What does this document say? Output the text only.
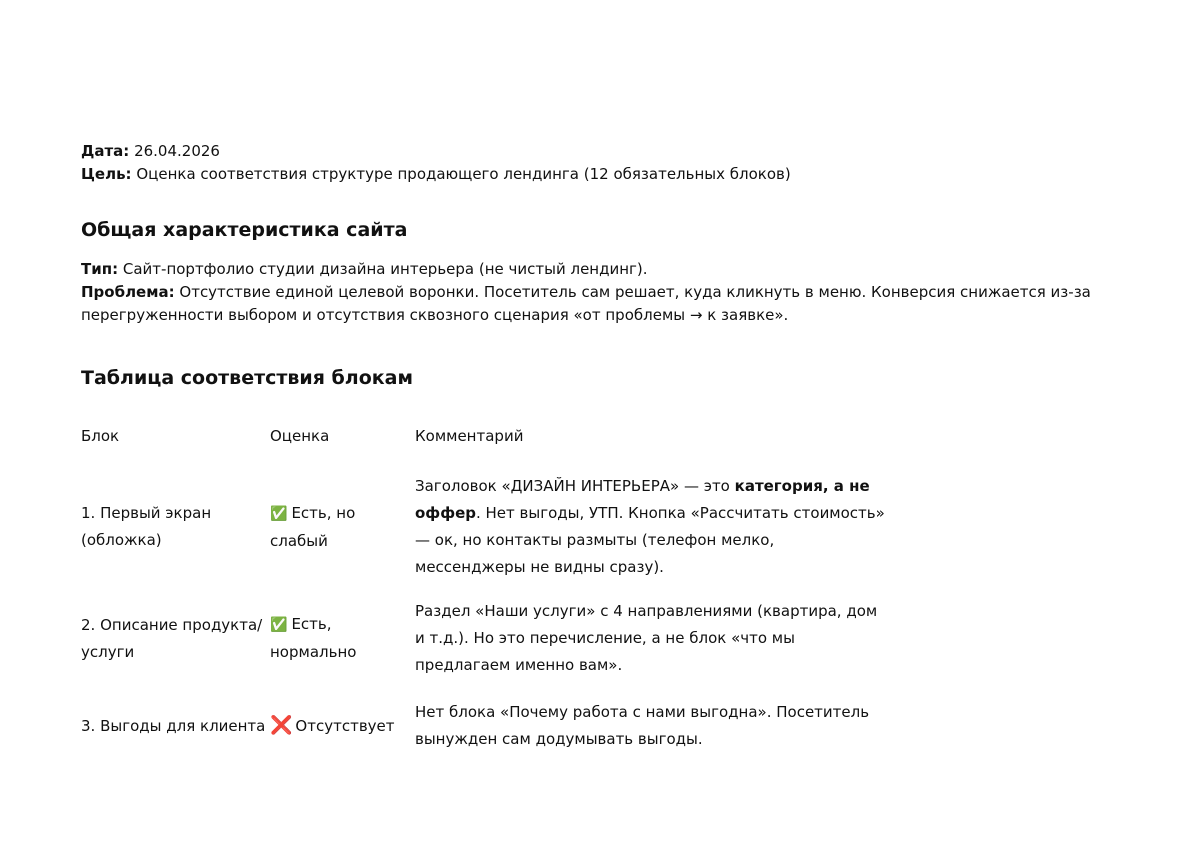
Дата: 26.04.2026
Цель: Оценка соответствия структуре продающего лендинга (12 обязательных блоков)
Общая характеристика сайта
Тип: Сайт-портфолио студии дизайна интерьера (не чистый лендинг).
Проблема: Отсутствие единой целевой воронки. Посетитель сам решает, куда кликнуть в меню. Конверсия снижается из-за перегруженности выбором и отсутствия сквозного сценария «от проблемы → к заявке».
Таблица соответствия блокам
Блок	Оценка	Комментарий
1. Первый экран (обложка)
✅ Есть, но слабый
Заголовок «ДИЗАЙН ИНТЕРЬЕРА» — это категория, а не оффер. Нет выгоды, УТП. Кнопка «Рассчитать стоимость» — ок, но контакты размыты (телефон мелко, мессенджеры не видны сразу).
2. Описание продукта/услуги
✅ Есть, нормально
Раздел «Наши услуги» с 4 направлениями (квартира, дом и т.д.). Но это перечисление, а не блок «что мы предлагаем именно вам».
3. Выгоды для клиента ❌ Отсутствует
Нет блока «Почему работа с нами выгодна». Посетитель вынужден сам додумывать выгоды.
